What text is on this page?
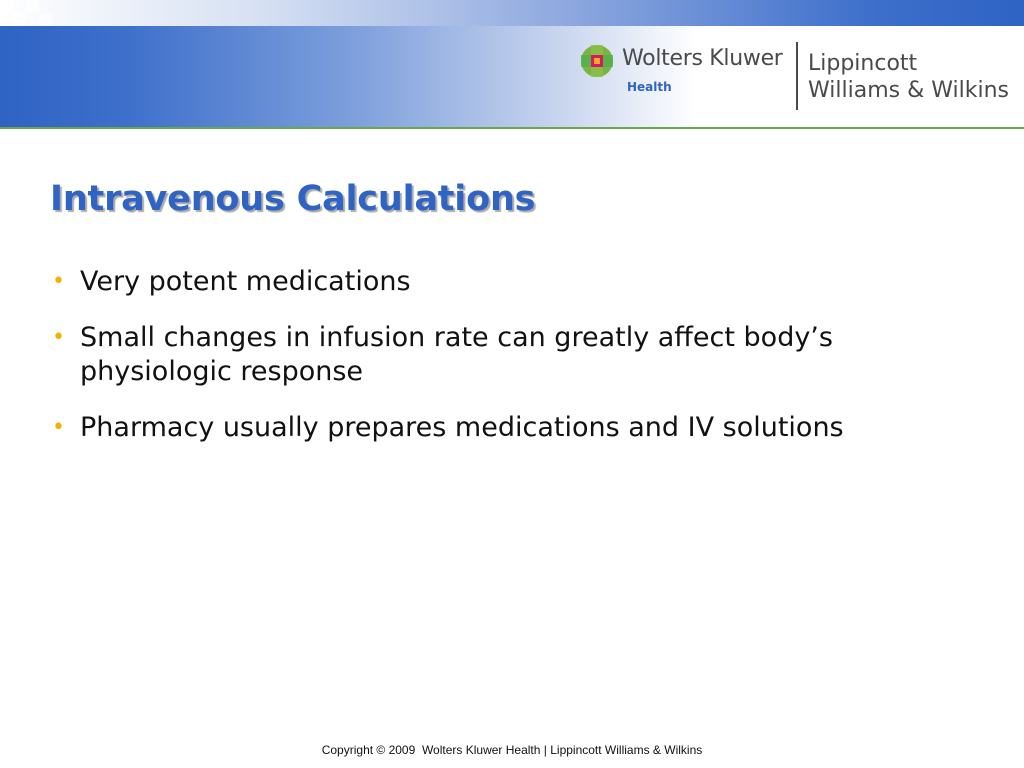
Wolters Kluwer
Health
Lippincott
Williams & Wilkins
Intravenous Calculations
• Very potent medications
• Small changes in infusion rate can greatly affect body’s physiologic response
• Pharmacy usually prepares medications and IV solutions
Copyright © 2009  Wolters Kluwer Health | Lippincott Williams & Wilkins
